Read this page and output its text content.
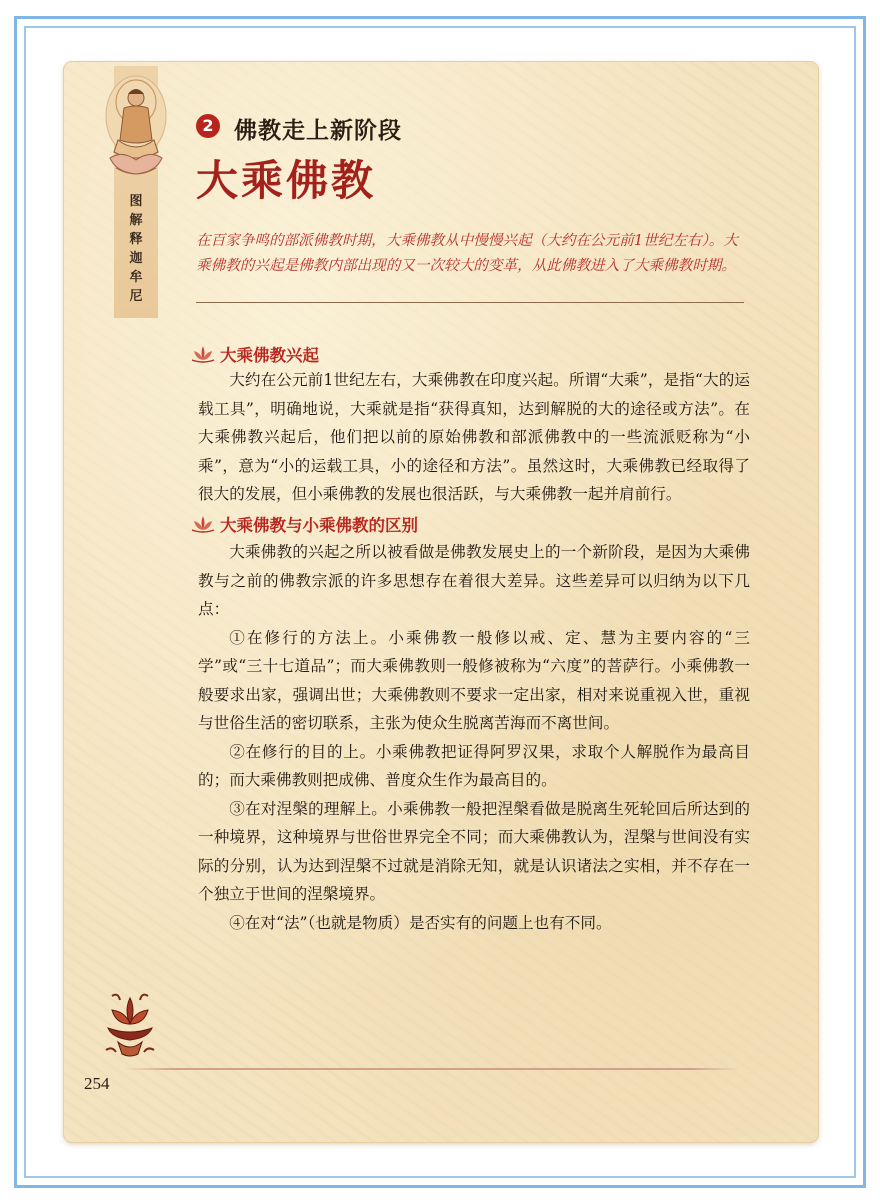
图解释迦牟尼
2 佛教走上新阶段
大乘佛教
在百家争鸣的部派佛教时期，大乘佛教从中慢慢兴起（大约在公元前1世纪左右）。大乘佛教的兴起是佛教内部出现的又一次较大的变革，从此佛教进入了大乘佛教时期。
大乘佛教兴起

大约在公元前1世纪左右，大乘佛教在印度兴起。所谓“大乘”，是指“大的运载工具”，明确地说，大乘就是指“获得真知，达到解脱的大的途径或方法”。在大乘佛教兴起后，他们把以前的原始佛教和部派佛教中的一些流派贬称为“小乘”，意为“小的运载工具，小的途径和方法”。虽然这时，大乘佛教已经取得了很大的发展，但小乘佛教的发展也很活跃，与大乘佛教一起并肩前行。

大乘佛教与小乘佛教的区别

大乘佛教的兴起之所以被看做是佛教发展史上的一个新阶段，是因为大乘佛教与之前的佛教宗派的许多思想存在着很大差异。这些差异可以归纳为以下几点：

①在修行的方法上。小乘佛教一般修以戒、定、慧为主要内容的“三学”或“三十七道品”；而大乘佛教则一般修被称为“六度”的菩萨行。小乘佛教一般要求出家，强调出世；大乘佛教则不要求一定出家，相对来说重视入世，重视与世俗生活的密切联系，主张为使众生脱离苦海而不离世间。

②在修行的目的上。小乘佛教把证得阿罗汉果，求取个人解脱作为最高目的；而大乘佛教则把成佛、普度众生作为最高目的。

③在对涅槃的理解上。小乘佛教一般把涅槃看做是脱离生死轮回后所达到的一种境界，这种境界与世俗世界完全不同；而大乘佛教认为，涅槃与世间没有实际的分别，认为达到涅槃不过就是消除无知，就是认识诸法之实相，并不存在一个独立于世间的涅槃境界。

④在对“法”（也就是物质）是否实有的问题上也有不同。

254
